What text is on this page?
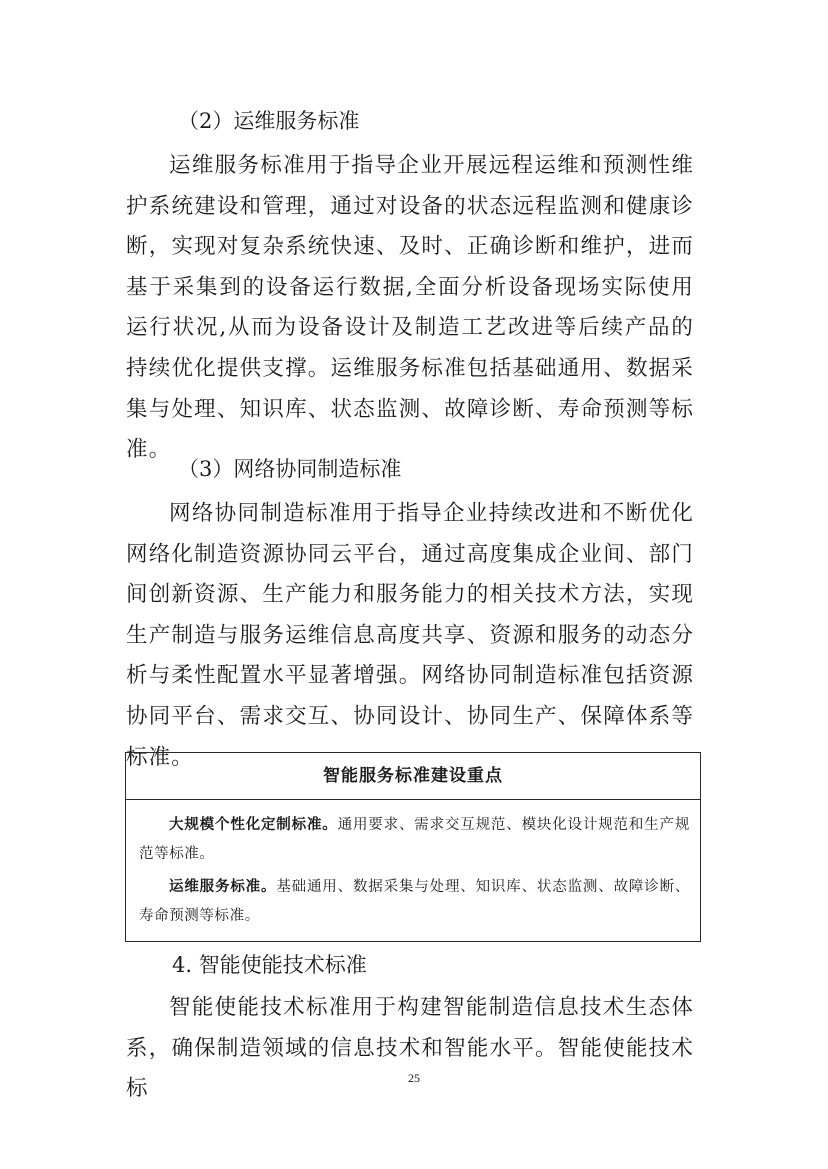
（2）运维服务标准

运维服务标准用于指导企业开展远程运维和预测性维护系统建设和管理，通过对设备的状态远程监测和健康诊断，实现对复杂系统快速、及时、正确诊断和维护，进而基于采集到的设备运行数据,全面分析设备现场实际使用运行状况,从而为设备设计及制造工艺改进等后续产品的持续优化提供支撑。运维服务标准包括基础通用、数据采集与处理、知识库、状态监测、故障诊断、寿命预测等标准。

（3）网络协同制造标准

网络协同制造标准用于指导企业持续改进和不断优化网络化制造资源协同云平台，通过高度集成企业间、部门间创新资源、生产能力和服务能力的相关技术方法，实现生产制造与服务运维信息高度共享、资源和服务的动态分析与柔性配置水平显著增强。网络协同制造标准包括资源协同平台、需求交互、协同设计、协同生产、保障体系等标准。

智能服务标准建设重点

大规模个性化定制标准。通用要求、需求交互规范、模块化设计规范和生产规范等标准。

运维服务标准。基础通用、数据采集与处理、知识库、状态监测、故障诊断、寿命预测等标准。

4. 智能使能技术标准

智能使能技术标准用于构建智能制造信息技术生态体系，确保制造领域的信息技术和智能水平。智能使能技术标	25
